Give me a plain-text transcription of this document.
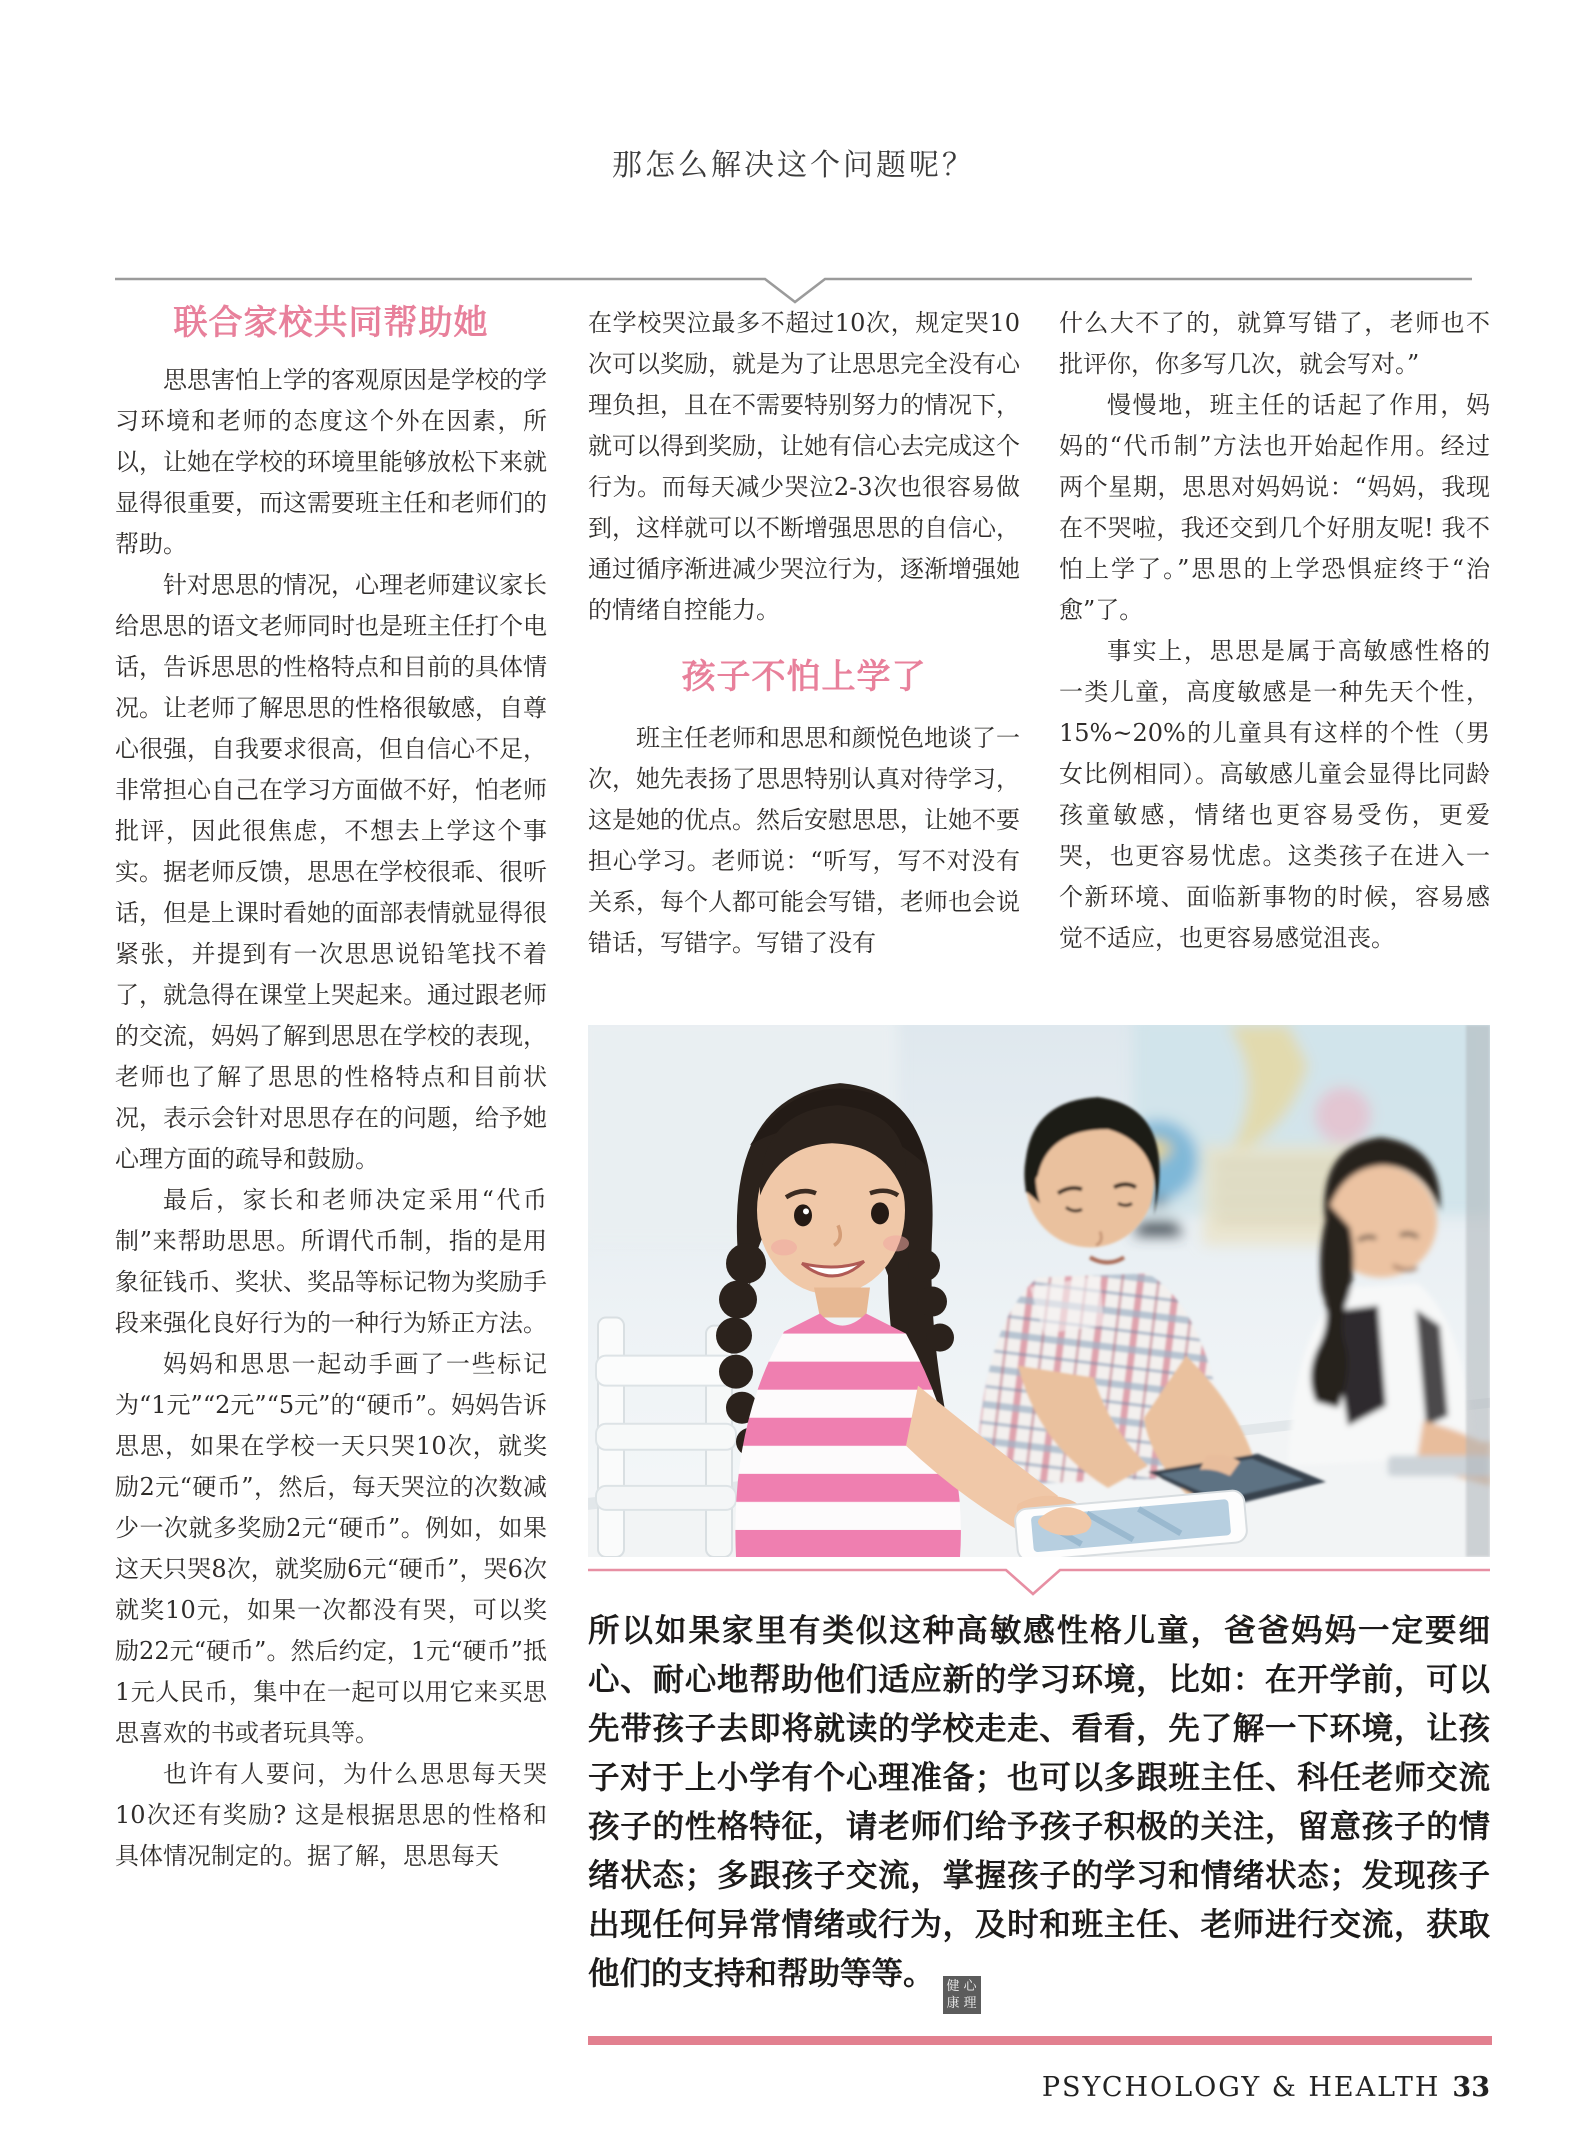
那怎么解决这个问题呢？
联合家校共同帮助她

思思害怕上学的客观原因是学校的学习环境和老师的态度这个外在因素，所以，让她在学校的环境里能够放松下来就显得很重要，而这需要班主任和老师们的帮助。

针对思思的情况，心理老师建议家长给思思的语文老师同时也是班主任打个电话，告诉思思的性格特点和目前的具体情况。让老师了解思思的性格很敏感，自尊心很强，自我要求很高，但自信心不足，非常担心自己在学习方面做不好，怕老师批评，因此很焦虑，不想去上学这个事实。据老师反馈，思思在学校很乖、很听话，但是上课时看她的面部表情就显得很紧张，并提到有一次思思说铅笔找不着了，就急得在课堂上哭起来。通过跟老师的交流，妈妈了解到思思在学校的表现，老师也了解了思思的性格特点和目前状况，表示会针对思思存在的问题，给予她心理方面的疏导和鼓励。

最后，家长和老师决定采用“代币制”来帮助思思。所谓代币制，指的是用象征钱币、奖状、奖品等标记物为奖励手段来强化良好行为的一种行为矫正方法。

妈妈和思思一起动手画了一些标记为“1元”“2元”“5元”的“硬币”。妈妈告诉思思，如果在学校一天只哭10次，就奖励2元“硬币”，然后，每天哭泣的次数减少一次就多奖励2元“硬币”。例如，如果这天只哭8次，就奖励6元“硬币”，哭6次就奖10元，如果一次都没有哭，可以奖励22元“硬币”。然后约定，1元“硬币”抵1元人民币，集中在一起可以用它来买思思喜欢的书或者玩具等。

也许有人要问，为什么思思每天哭10次还有奖励? 这是根据思思的性格和具体情况制定的。据了解，思思每天

在学校哭泣最多不超过10次，规定哭10次可以奖励，就是为了让思思完全没有心理负担，且在不需要特别努力的情况下，就可以得到奖励，让她有信心去完成这个行为。而每天减少哭泣2-3次也很容易做到，这样就可以不断增强思思的自信心，通过循序渐进减少哭泣行为，逐渐增强她的情绪自控能力。

孩子不怕上学了

班主任老师和思思和颜悦色地谈了一次，她先表扬了思思特别认真对待学习，这是她的优点。然后安慰思思，让她不要担心学习。老师说：“听写，写不对没有关系，每个人都可能会写错，老师也会说错话，写错字。写错了没有

什么大不了的，就算写错了，老师也不批评你，你多写几次，就会写对。”

慢慢地，班主任的话起了作用，妈妈的“代币制”方法也开始起作用。经过两个星期，思思对妈妈说：“妈妈，我现在不哭啦，我还交到几个好朋友呢! 我不怕上学了。”思思的上学恐惧症终于“治愈”了。

事实上，思思是属于高敏感性格的一类儿童，高度敏感是一种先天个性，15%~20%的儿童具有这样的个性（男女比例相同）。高敏感儿童会显得比同龄孩童敏感，情绪也更容易受伤，更爱哭，也更容易忧虑。这类孩子在进入一个新环境、面临新事物的时候，容易感觉不适应，也更容易感觉沮丧。

所以如果家里有类似这种高敏感性格儿童，爸爸妈妈一定要细心、耐心地帮助他们适应新的学习环境，比如：在开学前，可以先带孩子去即将就读的学校走走、看看，先了解一下环境，让孩子对于上小学有个心理准备；也可以多跟班主任、科任老师交流孩子的性格特征，请老师们给予孩子积极的关注，留意孩子的情绪状态；多跟孩子交流，掌握孩子的学习和情绪状态；发现孩子出现任何异常情绪或行为，及时和班主任、老师进行交流，获取他们的支持和帮助等等。 健 心
康 理
PSYCHOLOGY & HEALTH 33
